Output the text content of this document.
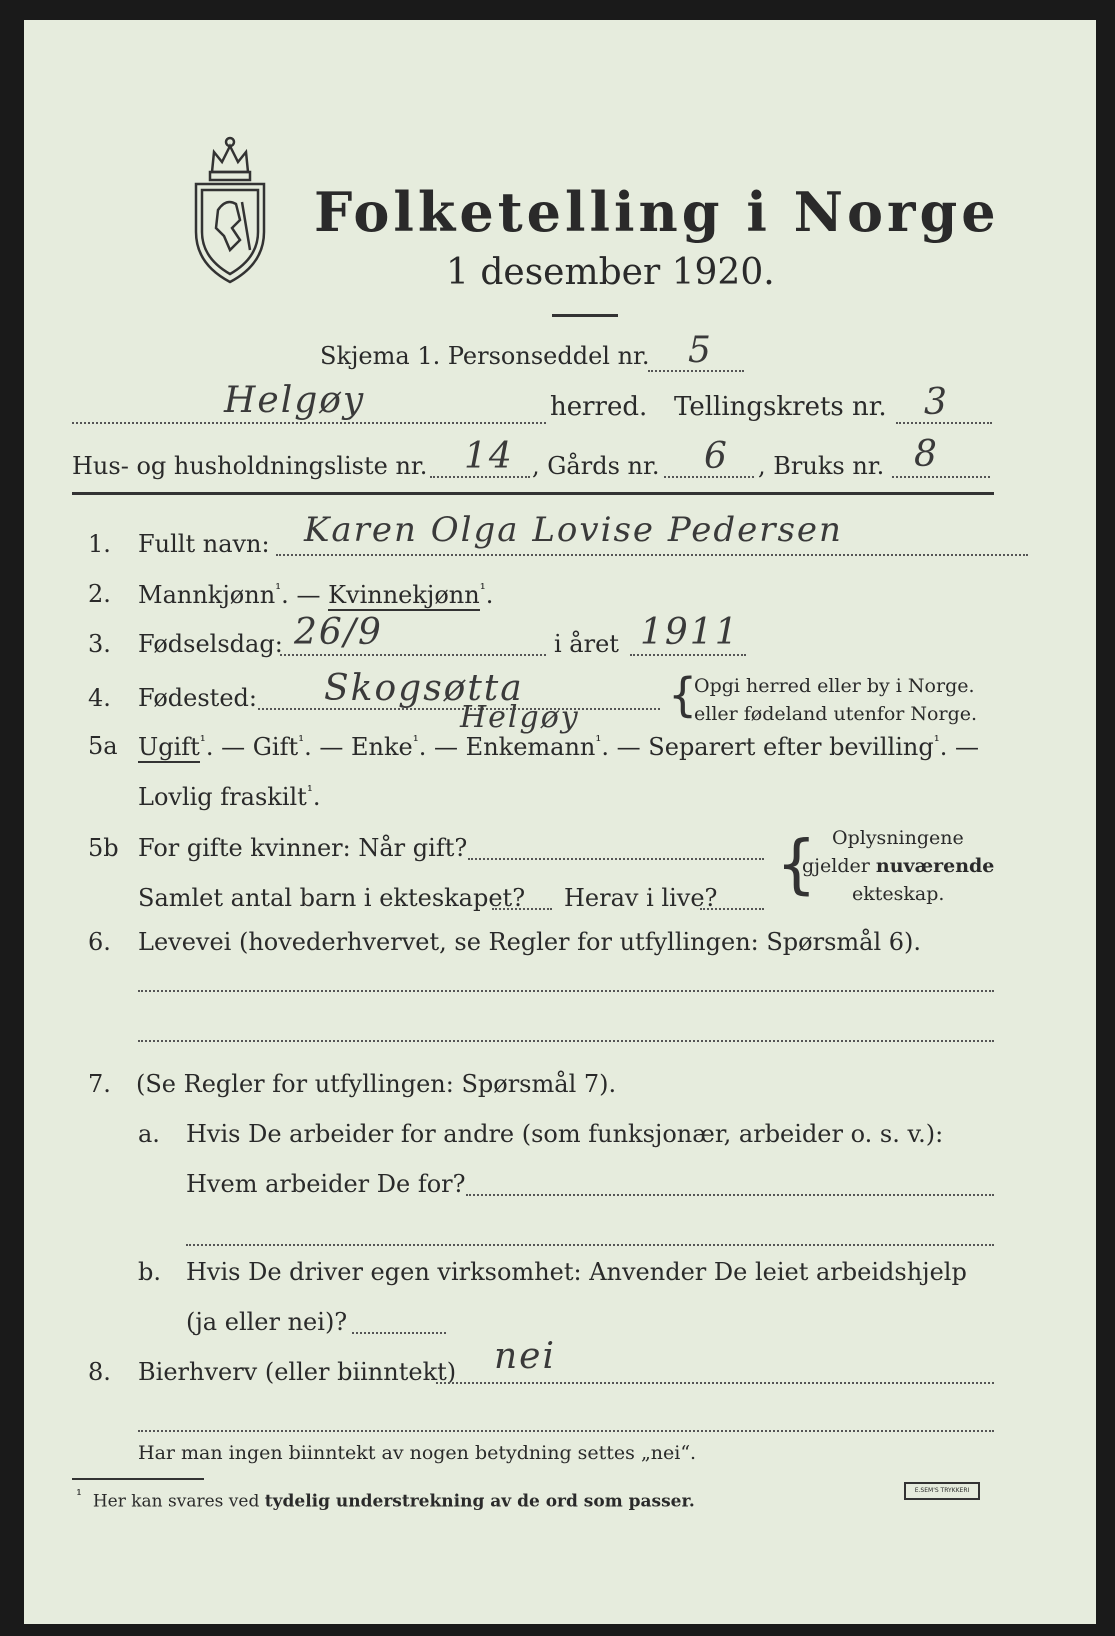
Folketelling i Norge
1 desember 1920.
Skjema 1. Personseddel nr. 5
Helgøy	herred. Tellingskrets nr. 3
Hus- og husholdningsliste nr. 14 , Gårds nr. 6 , Bruks nr. 8
1. Fullt navn: Karen Olga Lovise Pedersen
2. Mannkjønn$^{^1}$. — Kvinnekjønn$^{^1}$.
3. Fødselsdag: 26/9	i året 1911
4. Fødested: Skogsøtta
Helgøy {
Opgi herred eller by i Norge.
eller fødeland utenfor Norge.
5a Ugift$^{^1}$. — Gift$^{^1}$. — Enke$^{^1}$. — Enkemann$^{^1}$. — Separert efter bevilling$^{^1}$. —
Lovlig fraskilt$^{^1}$.
5b For gifte kvinner: Når gift?
Samlet antal barn i ekteskapet? Herav i live? { Oplysningene
gjelder nuværende
ekteskap.
6. Levevei (hovederhvervet, se Regler for utfyllingen: Spørsmål 6).
7. (Se Regler for utfyllingen: Spørsmål 7).
a. Hvis De arbeider for andre (som funksjonær, arbeider o. s. v.):
Hvem arbeider De for?
b. Hvis De driver egen virksomhet: Anvender De leiet arbeidshjelp
(ja eller nei)?
8. Bierhverv (eller biinntekt) nei
Har man ingen biinntekt av nogen betydning settes „nei“.
¹ Her kan svares ved tydelig understrekning av de ord som passer.
E.SEM'S TRYKKERI
